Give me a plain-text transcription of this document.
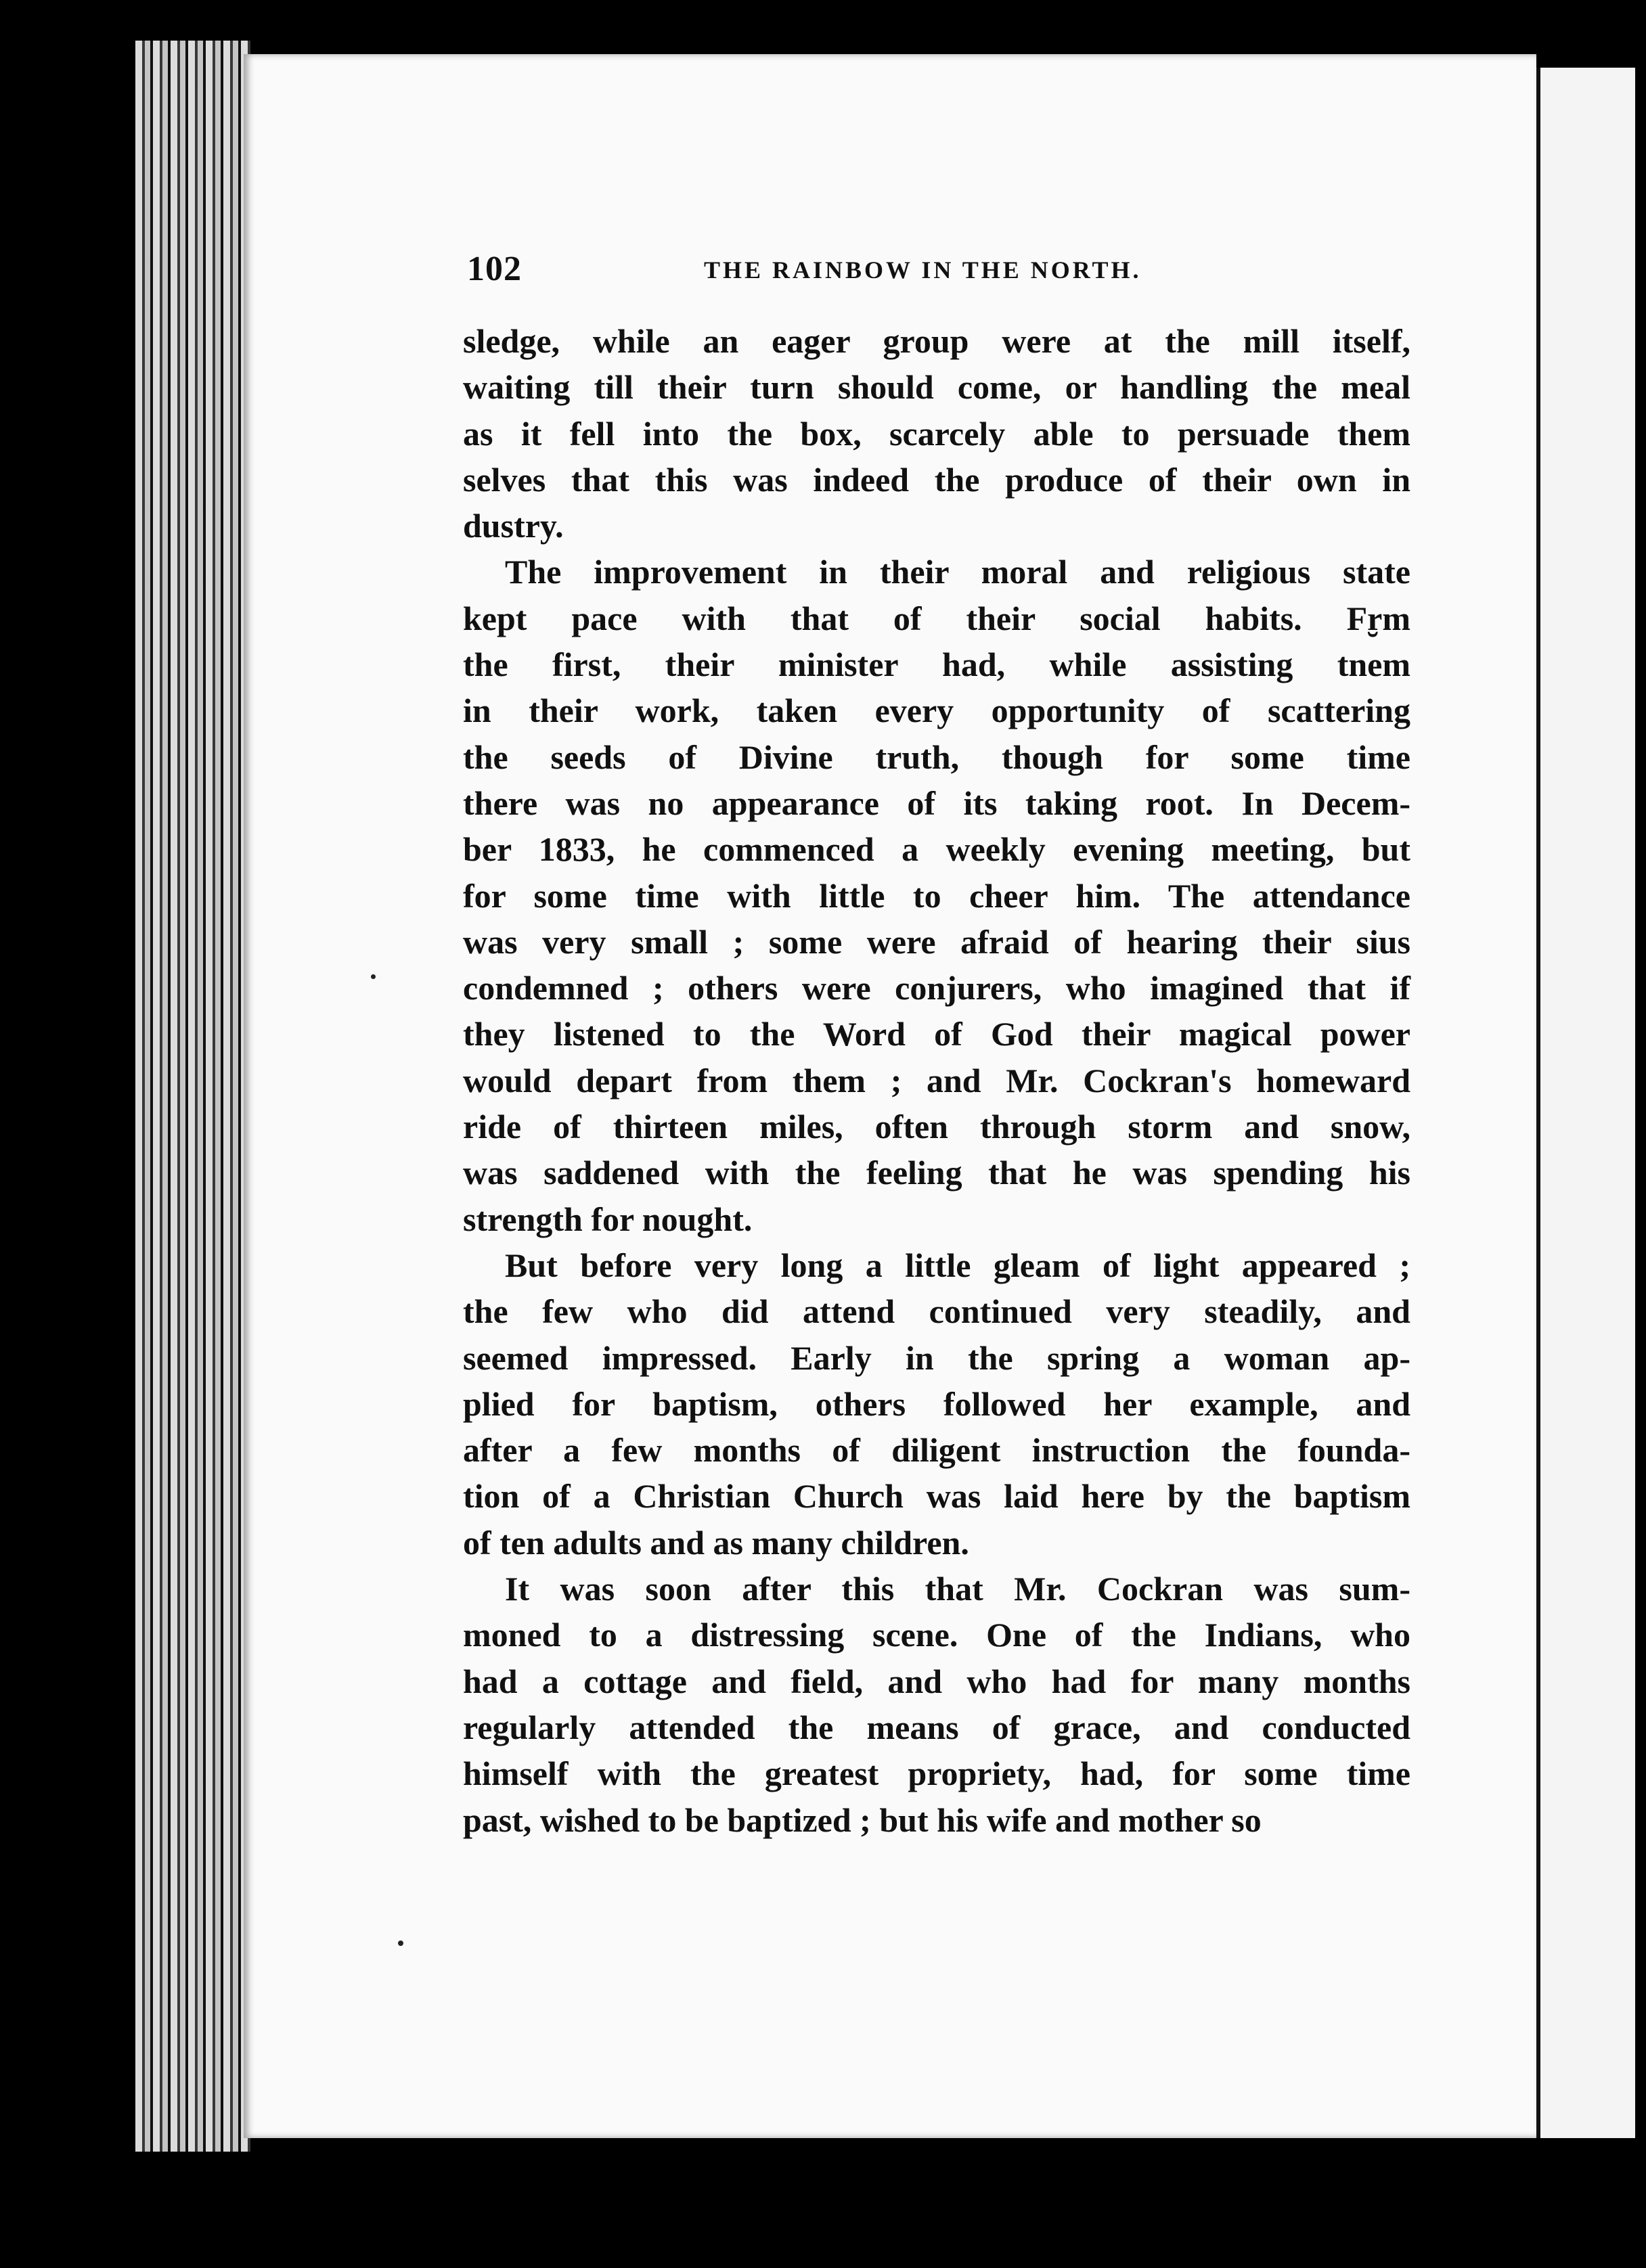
102	THE RAINBOW IN THE NORTH.
sledge, while an eager group were at the mill itself,
waiting till their turn should come, or handling the meal
as it fell into the box, scarcely able to persuade them
selves that this was indeed the produce of their own in
dustry.
The improvement in their moral and religious state
kept pace with that of their social habits. Fr̮m
the first, their minister had, while assisting tnem
in their work, taken every opportunity of scattering
the seeds of Divine truth, though for some time
there was no appearance of its taking root. In Decem-
ber 1833, he commenced a weekly evening meeting, but
for some time with little to cheer him. The attendance
was very small ; some were afraid of hearing their sius
condemned ; others were conjurers, who imagined that if
they listened to the Word of God their magical power
would depart from them ; and Mr. Cockran's homeward
ride of thirteen miles, often through storm and snow,
was saddened with the feeling that he was spending his
strength for nought.
But before very long a little gleam of light appeared ;
the few who did attend continued very steadily, and
seemed impressed. Early in the spring a woman ap-
plied for baptism, others followed her example, and
after a few months of diligent instruction the founda-
tion of a Christian Church was laid here by the baptism
of ten adults and as many children.
It was soon after this that Mr. Cockran was sum-
moned to a distressing scene. One of the Indians, who
had a cottage and field, and who had for many months
regularly attended the means of grace, and conducted
himself with the greatest propriety, had, for some time
past, wished to be baptized ; but his wife and mother so
